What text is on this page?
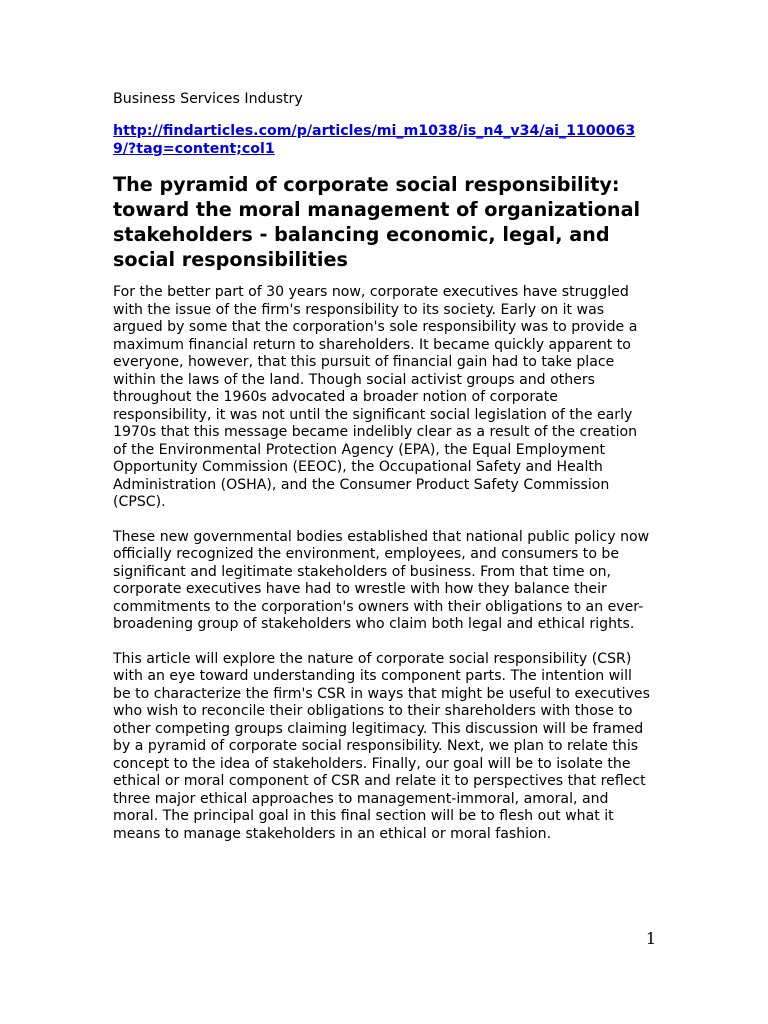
Business Services Industry
http://findarticles.com/p/articles/mi_m1038/is_n4_v34/ai_11000639/?tag=content;col1
The pyramid of corporate social responsibility: toward the moral management of organizational stakeholders - balancing economic, legal, and social responsibilities

For the better part of 30 years now, corporate executives have struggled with the issue of the firm's responsibility to its society. Early on it was argued by some that the corporation's sole responsibility was to provide a maximum financial return to shareholders. It became quickly apparent to everyone, however, that this pursuit of financial gain had to take place within the laws of the land. Though social activist groups and others throughout the 1960s advocated a broader notion of corporate responsibility, it was not until the significant social legislation of the early 1970s that this message became indelibly clear as a result of the creation of the Environmental Protection Agency (EPA), the Equal Employment Opportunity Commission (EEOC), the Occupational Safety and Health Administration (OSHA), and the Consumer Product Safety Commission (CPSC).

These new governmental bodies established that national public policy now officially recognized the environment, employees, and consumers to be significant and legitimate stakeholders of business. From that time on, corporate executives have had to wrestle with how they balance their commitments to the corporation's owners with their obligations to an ever-broadening group of stakeholders who claim both legal and ethical rights.

This article will explore the nature of corporate social responsibility (CSR) with an eye toward understanding its component parts. The intention will be to characterize the firm's CSR in ways that might be useful to executives who wish to reconcile their obligations to their shareholders with those to other competing groups claiming legitimacy. This discussion will be framed by a pyramid of corporate social responsibility. Next, we plan to relate this concept to the idea of stakeholders. Finally, our goal will be to isolate the ethical or moral component of CSR and relate it to perspectives that reflect three major ethical approaches to management-immoral, amoral, and moral. The principal goal in this final section will be to flesh out what it means to manage stakeholders in an ethical or moral fashion.

1
